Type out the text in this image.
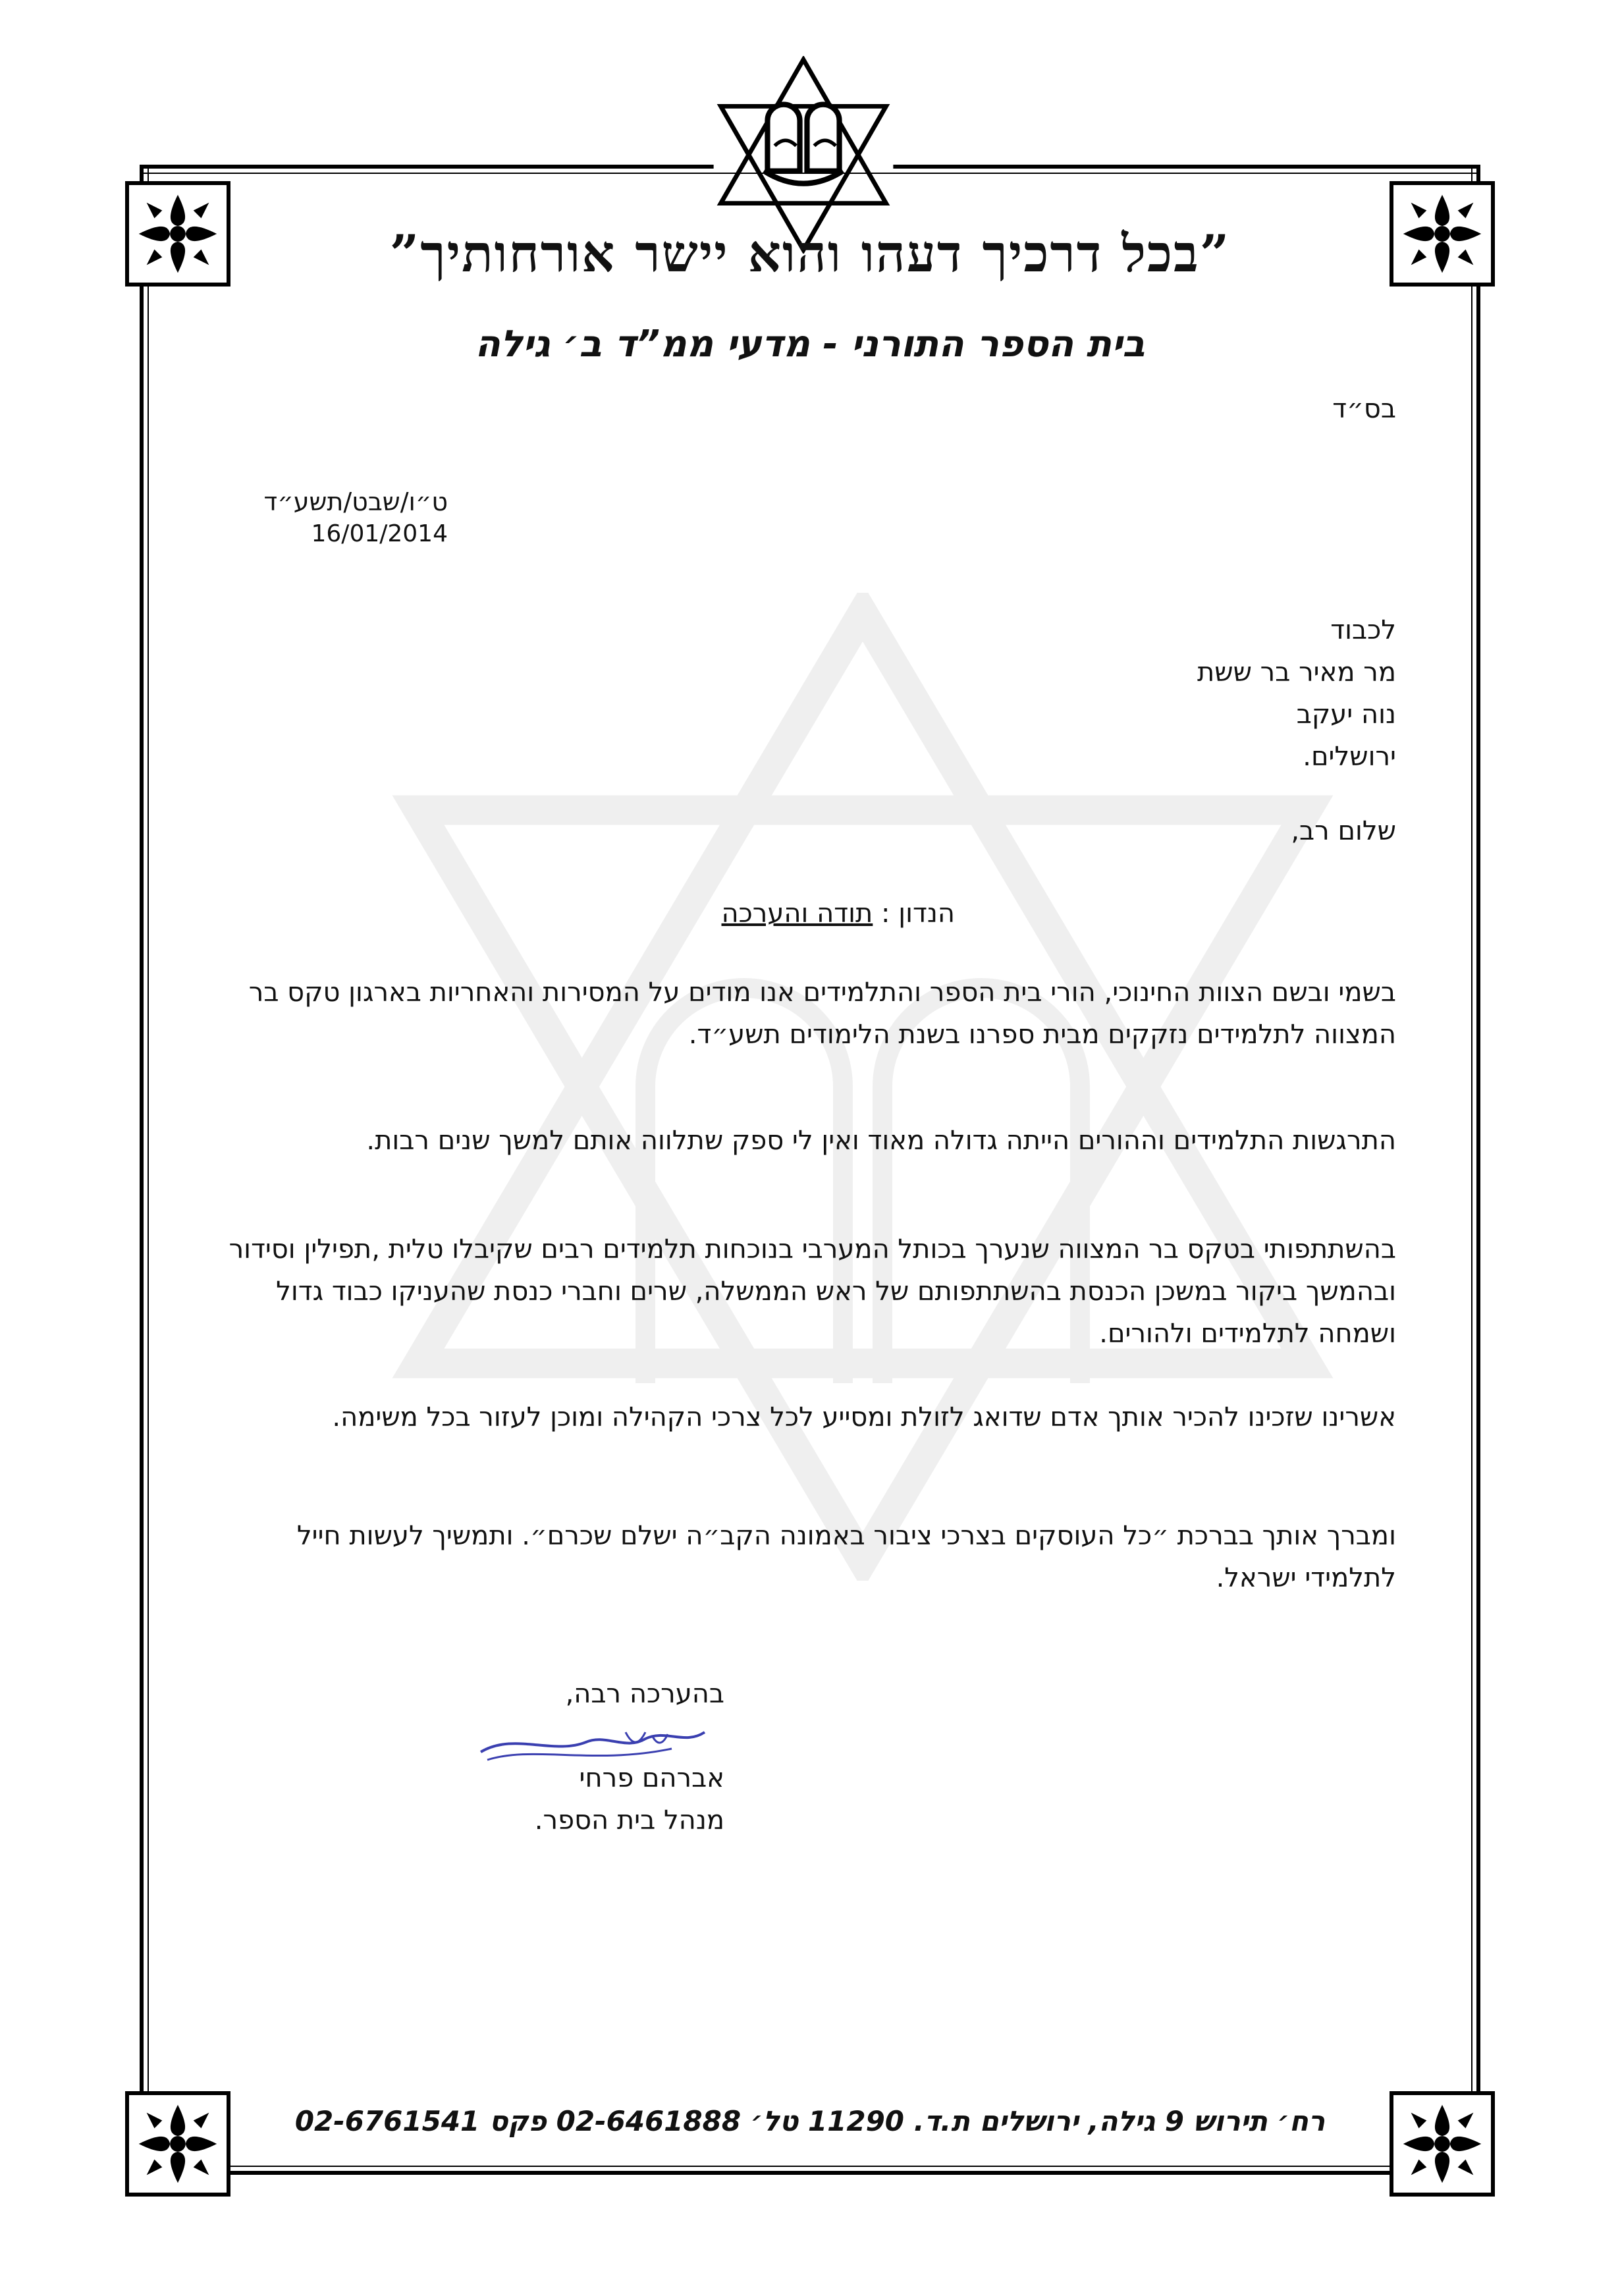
”בכל דרכיך דעהו והוא יישר אורחותיך”
בית הספר התורני - מדעי ממ”ד ב׳ גילה
בס״ד
ט״ו/שבט/תשע״ד
16/01/2014

לכבוד

מר מאיר בר ששת

נוה יעקב

ירושלים.

שלום רב,
הנדון : תודה והערכה
בשמי ובשם הצוות החינוכי, הורי בית הספר והתלמידים אנו מודים על המסירות והאחריות בארגון טקס בר המצווה לתלמידים נזקקים מבית ספרנו בשנת הלימודים תשע״ד.
התרגשות התלמידים וההורים הייתה גדולה מאוד ואין לי ספק שתלווה אותם למשך שנים רבות.
בהשתתפותי בטקס בר המצווה שנערך בכותל המערבי בנוכחות תלמידים רבים שקיבלו טלית ,תפילין וסידור ובהמשך ביקור במשכן הכנסת בהשתתפותם של ראש הממשלה, שרים וחברי כנסת שהעניקו כבוד גדול ושמחה לתלמידים ולהורים.
אשרינו שזכינו להכיר אותך אדם שדואג לזולת ומסייע לכל צרכי הקהילה ומוכן לעזור בכל משימה.
ומברך אותך בברכת ״כל העוסקים בצרכי ציבור באמונה הקב״ה ישלם שכרם״. ותמשיך לעשות חייל לתלמידי ישראל.

בהערכה רבה,

אברהם פרחי

מנהל בית הספר.

רח׳ תירוש 9 גילה, ירושלים ת.ד. 11290 טל׳ 02-6461888 פקס 02-6761541
